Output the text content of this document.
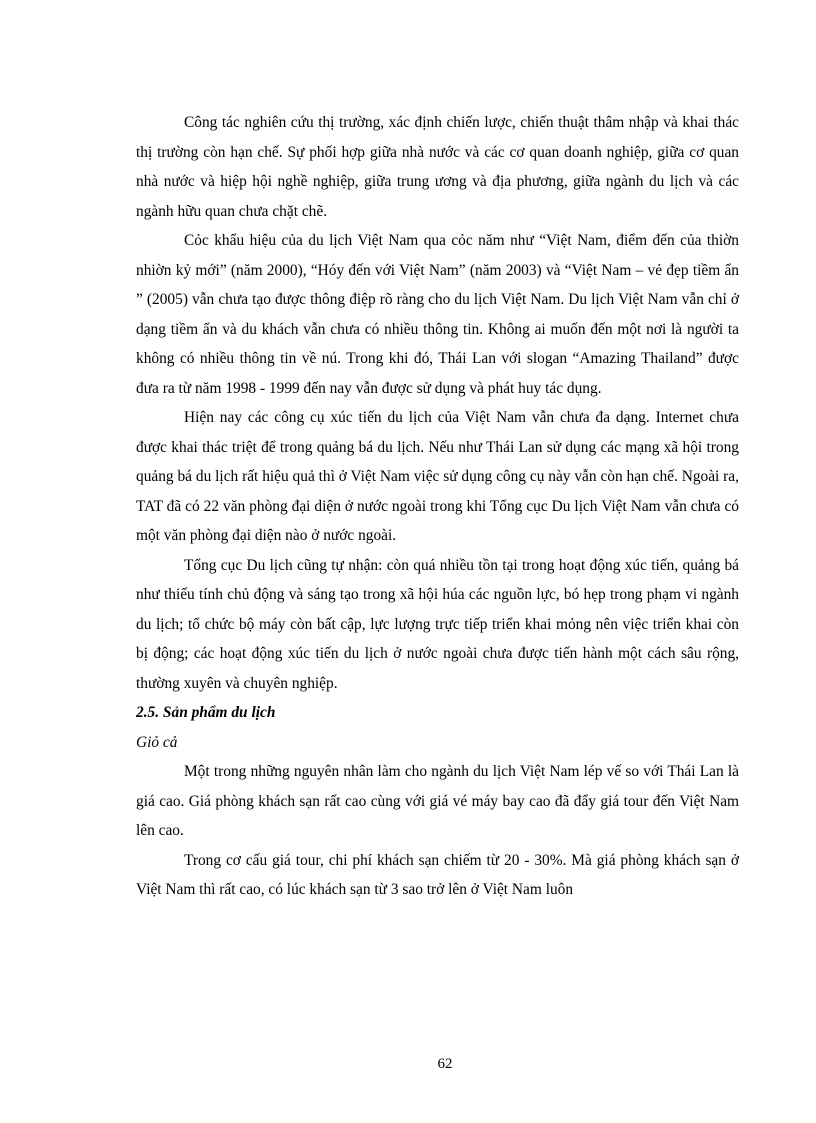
Công tác nghiên cứu thị trường, xác định chiến lược, chiến thuật thâm nhập và khai thác thị trường còn hạn chế. Sự phối hợp giữa nhà nước và các cơ quan doanh nghiệp, giữa cơ quan nhà nước và hiệp hội nghề nghiệp, giữa trung ương và địa phương, giữa ngành du lịch và các ngành hữu quan chưa chặt chẽ.

Cỏc khẩu hiệu của du lịch Việt Nam qua cỏc năm như “Việt Nam, điểm đến của thiờn nhiờn kỷ mới” (năm 2000), “Hóy đến với Việt Nam” (năm 2003) và “Việt Nam – vẻ đẹp tiềm ẩn ” (2005) vẫn chưa tạo được thông điệp rõ ràng cho du lịch Việt Nam. Du lịch Việt Nam vẫn chỉ ở dạng tiềm ẩn và du khách vẫn chưa có nhiều thông tin. Không ai muốn đến một nơi là người ta không có nhiều thông tin về nú. Trong khi đó, Thái Lan với slogan “Amazing Thailand” được đưa ra từ năm 1998 - 1999 đến nay vẫn được sử dụng và phát huy tác dụng.

Hiện nay các công cụ xúc tiến du lịch của Việt Nam vẫn chưa đa dạng. Internet chưa được khai thác triệt để trong quảng bá du lịch. Nếu như Thái Lan sử dụng các mạng xã hội trong quảng bá du lịch rất hiệu quả thì ở Việt Nam việc sử dụng công cụ này vẫn còn hạn chế. Ngoài ra, TAT đã có 22 văn phòng đại diện ở nước ngoài trong khi Tổng cục Du lịch Việt Nam vẫn chưa có một văn phòng đại diện nào ở nước ngoài.

Tổng cục Du lịch cũng tự nhận: còn quá nhiều tồn tại trong hoạt động xúc tiến, quảng bá như thiếu tính chủ động và sáng tạo trong xã hội húa các nguồn lực, bó hẹp trong phạm vi ngành du lịch; tổ chức bộ máy còn bất cập, lực lượng trực tiếp triển khai mỏng nên việc triển khai còn bị động; các hoạt động xúc tiến du lịch ở nước ngoài chưa được tiến hành một cách sâu rộng, thường xuyên và chuyên nghiệp.

2.5. Sản phẩm du lịch
Giỏ cả

Một trong những nguyên nhân làm cho ngành du lịch Việt Nam lép vế so với Thái Lan là giá cao. Giá phòng khách sạn rất cao cùng với giá vé máy bay cao đã đẩy giá tour đến Việt Nam lên cao.

Trong cơ cấu giá tour, chi phí khách sạn chiếm từ 20 - 30%. Mà giá phòng khách sạn ở Việt Nam thì rất cao, có lúc khách sạn từ 3 sao trở lên ở Việt Nam luôn

62
